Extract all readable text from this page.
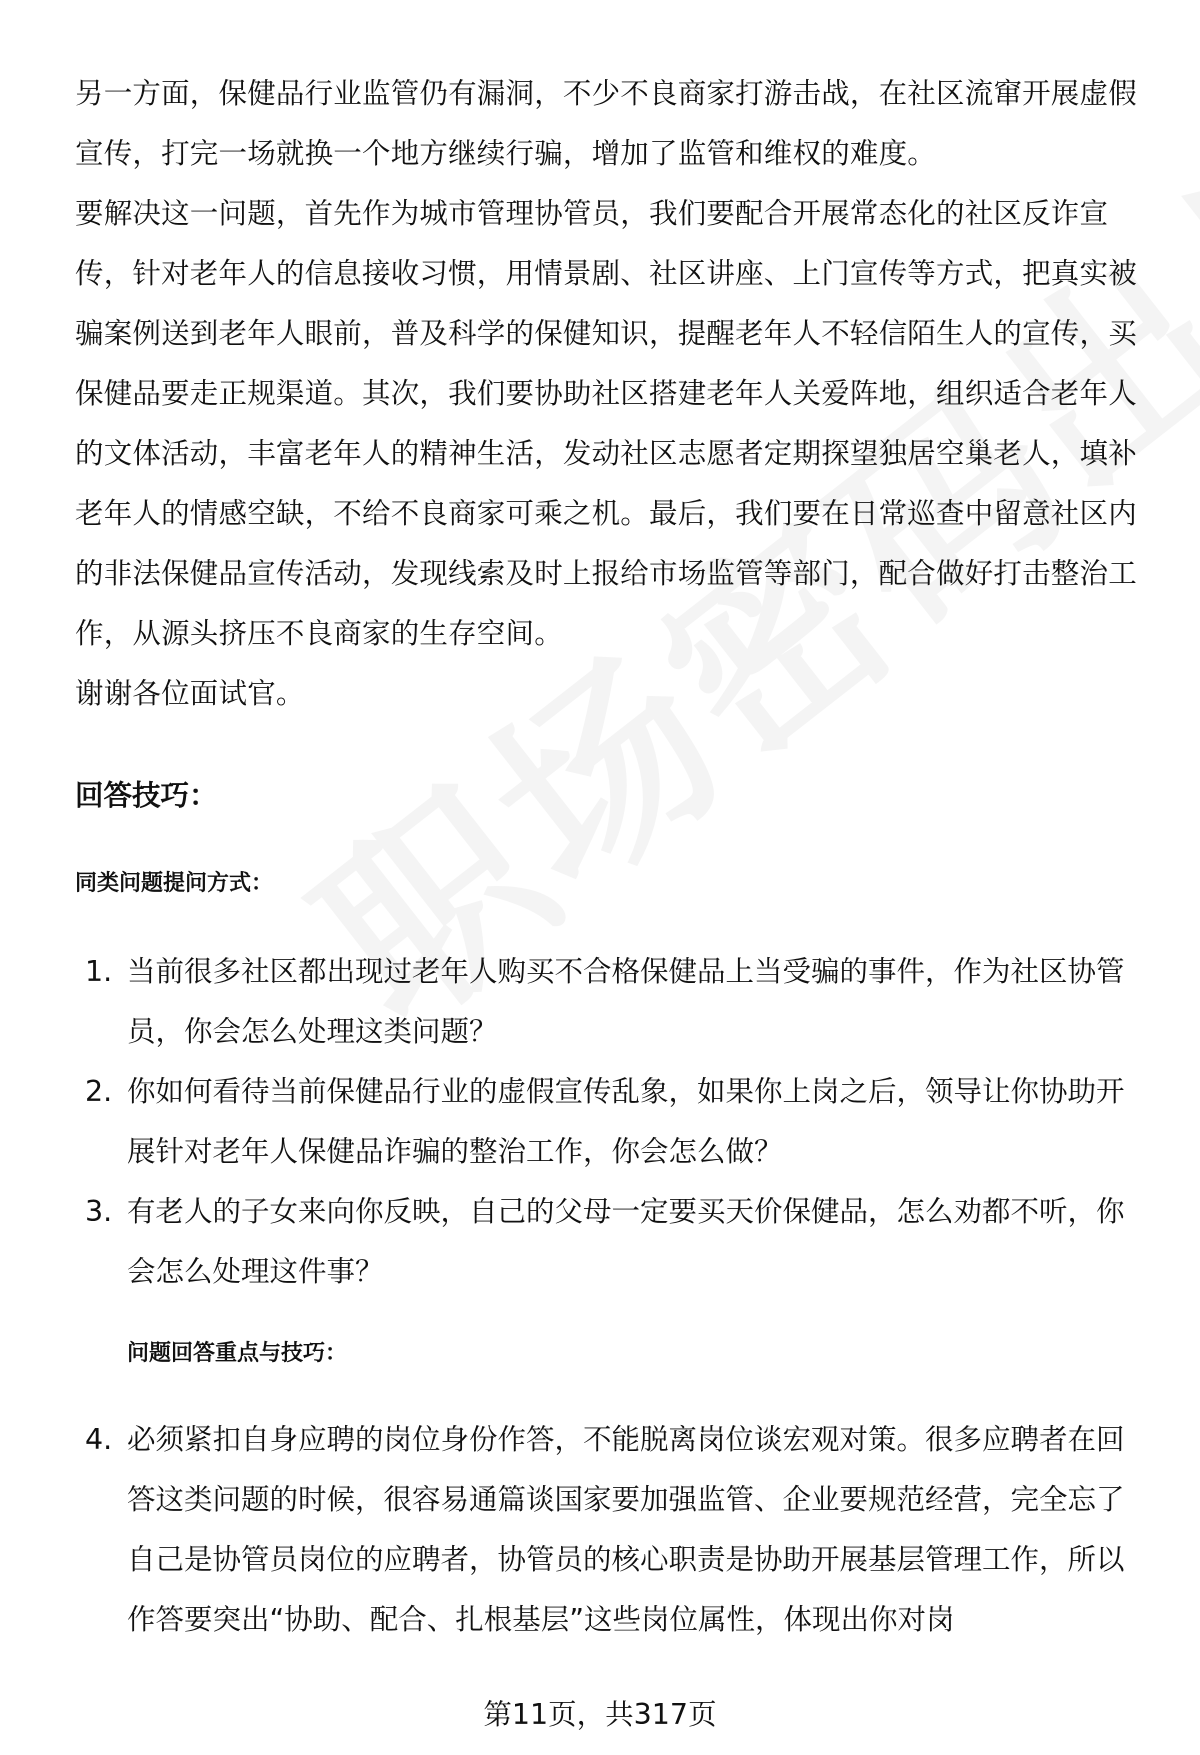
另一方面，保健品行业监管仍有漏洞，不少不良商家打游击战，在社区流窜开展虚假宣传，打完一场就换一个地方继续行骗，增加了监管和维权的难度。

要解决这一问题，首先作为城市管理协管员，我们要配合开展常态化的社区反诈宣传，针对老年人的信息接收习惯，用情景剧、社区讲座、上门宣传等方式，把真实被骗案例送到老年人眼前，普及科学的保健知识，提醒老年人不轻信陌生人的宣传，买保健品要走正规渠道。其次，我们要协助社区搭建老年人关爱阵地，组织适合老年人的文体活动，丰富老年人的精神生活，发动社区志愿者定期探望独居空巢老人，填补老年人的情感空缺，不给不良商家可乘之机。最后，我们要在日常巡查中留意社区内的非法保健品宣传活动，发现线索及时上报给市场监管等部门，配合做好打击整治工作，从源头挤压不良商家的生存空间。

谢谢各位面试官。

回答技巧：
同类问题提问方式：
1. 当前很多社区都出现过老年人购买不合格保健品上当受骗的事件，作为社区协管员，你会怎么处理这类问题？
2. 你如何看待当前保健品行业的虚假宣传乱象，如果你上岗之后，领导让你协助开展针对老年人保健品诈骗的整治工作，你会怎么做？
3. 有老人的子女来向你反映，自己的父母一定要买天价保健品，怎么劝都不听，你会怎么处理这件事？
问题回答重点与技巧：
4. 必须紧扣自身应聘的岗位身份作答，不能脱离岗位谈宏观对策。很多应聘者在回答这类问题的时候，很容易通篇谈国家要加强监管、企业要规范经营，完全忘了自己是协管员岗位的应聘者，协管员的核心职责是协助开展基层管理工作，所以作答要突出“协助、配合、扎根基层”这些岗位属性，体现出你对岗
第11页，共317页
